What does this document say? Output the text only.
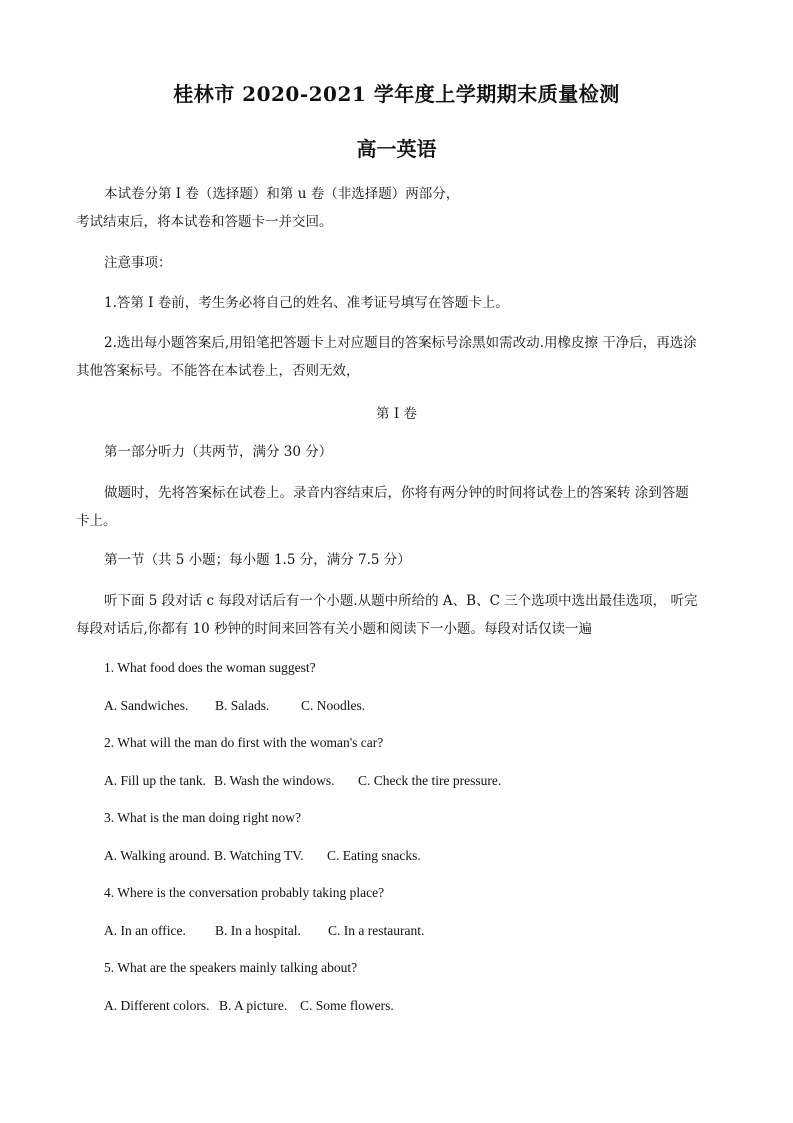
桂林市 2020-2021 学年度上学期期末质量检测
高一英语
本试卷分第 I 卷（选择题）和第 u 卷（非选择题）两部分，
考试结束后，将本试卷和答题卡一并交回。
注意事项：
1.答第 I 卷前，考生务必将自己的姓名、准考证号填写在答题卡上。
2.选出每小题答案后,用铅笔把答题卡上对应题目的答案标号涂黑如需改动.用橡皮擦 干净后，再选涂
其他答案标号。不能答在本试卷上，否则无效，
第 I 卷
第一部分听力（共两节，满分 30 分）
做题时，先将答案标在试卷上。录音内容结束后，你将有两分钟的时间将试卷上的答案转 涂到答题
卡上。
第一节（共 5 小题；每小题 1.5 分，满分 7.5 分）
听下面 5 段对话 c 每段对话后有一个小题.从题中所给的 A、B、C 三个选项中选出最佳选项， 听完
每段对话后,你都有 10 秒钟的时间来回答有关小题和阅读下一小题。每段对话仅读一遍
1. What food does the woman suggest?
A. Sandwiches. B. Salads. C. Noodles.
2. What will the man do first with the woman's car?
A. Fill up the tank. B. Wash the windows. C. Check the tire pressure.
3. What is the man doing right now?
A. Walking around. B. Watching TV. C. Eating snacks.
4. Where is the conversation probably taking place?
A. In an office. B. In a hospital. C. In a restaurant.
5. What are the speakers mainly talking about?
A. Different colors. B. A picture. C. Some flowers.
